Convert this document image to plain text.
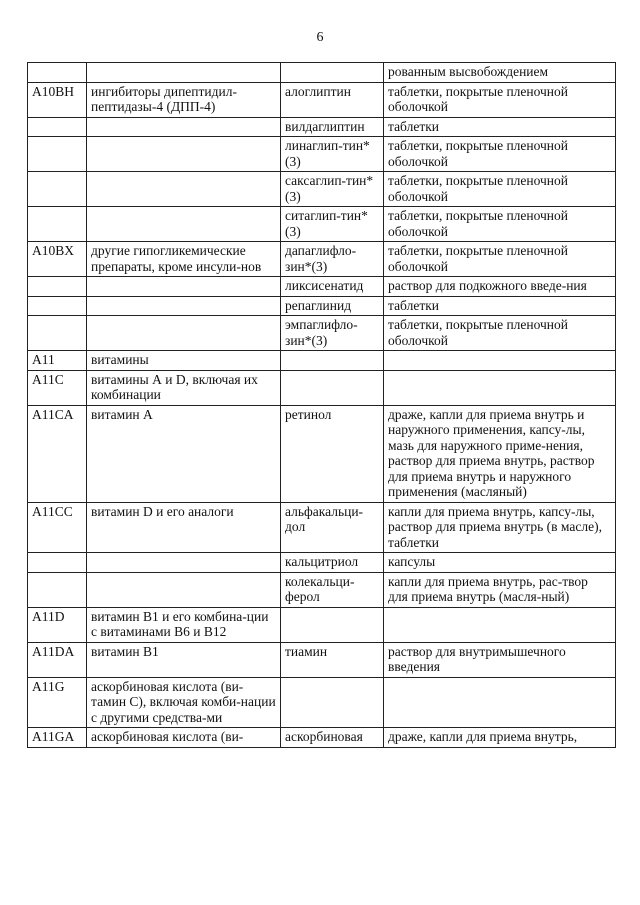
6
			рованным высвобождением
A10BH	ингибиторы дипептидил-пептидазы-4 (ДПП-4)	алоглиптин	таблетки, покрытые пленочной оболочкой
		вилдаглиптин	таблетки
		линаглип-тин*(3)	таблетки, покрытые пленочной оболочкой
		саксаглип-тин*(3)	таблетки, покрытые пленочной оболочкой
		ситаглип-тин*(3)	таблетки, покрытые пленочной оболочкой
A10BX	другие гипогликемические препараты, кроме инсули-нов	дапаглифло-зин*(3)	таблетки, покрытые пленочной оболочкой
		ликсисенатид	раствор для подкожного введе-ния
		репаглинид	таблетки
		эмпаглифло-зин*(3)	таблетки, покрытые пленочной оболочкой
A11	витамины		
A11C	витамины А и D, включая их комбинации		
A11CA	витамин А	ретинол	драже, капли для приема внутрь и наружного применения, капсу-лы, мазь для наружного приме-нения, раствор для приема внутрь, раствор для приема внутрь и наружного применения (масляный)
A11CC	витамин D и его аналоги	альфакальци-дол	капли для приема внутрь, капсу-лы, раствор для приема внутрь (в масле), таблетки
		кальцитриол	капсулы
		колекальци-ферол	капли для приема внутрь, рас-твор для приема внутрь (масля-ный)
A11D	витамин В1 и его комбина-ции с витаминами В6 и В12		
A11DA	витамин В1	тиамин	раствор для внутримышечного введения
A11G	аскорбиновая кислота (ви-тамин С), включая комби-нации с другими средства-ми		
A11GA	аскорбиновая кислота (ви-	аскорбиновая	драже, капли для приема внутрь,
